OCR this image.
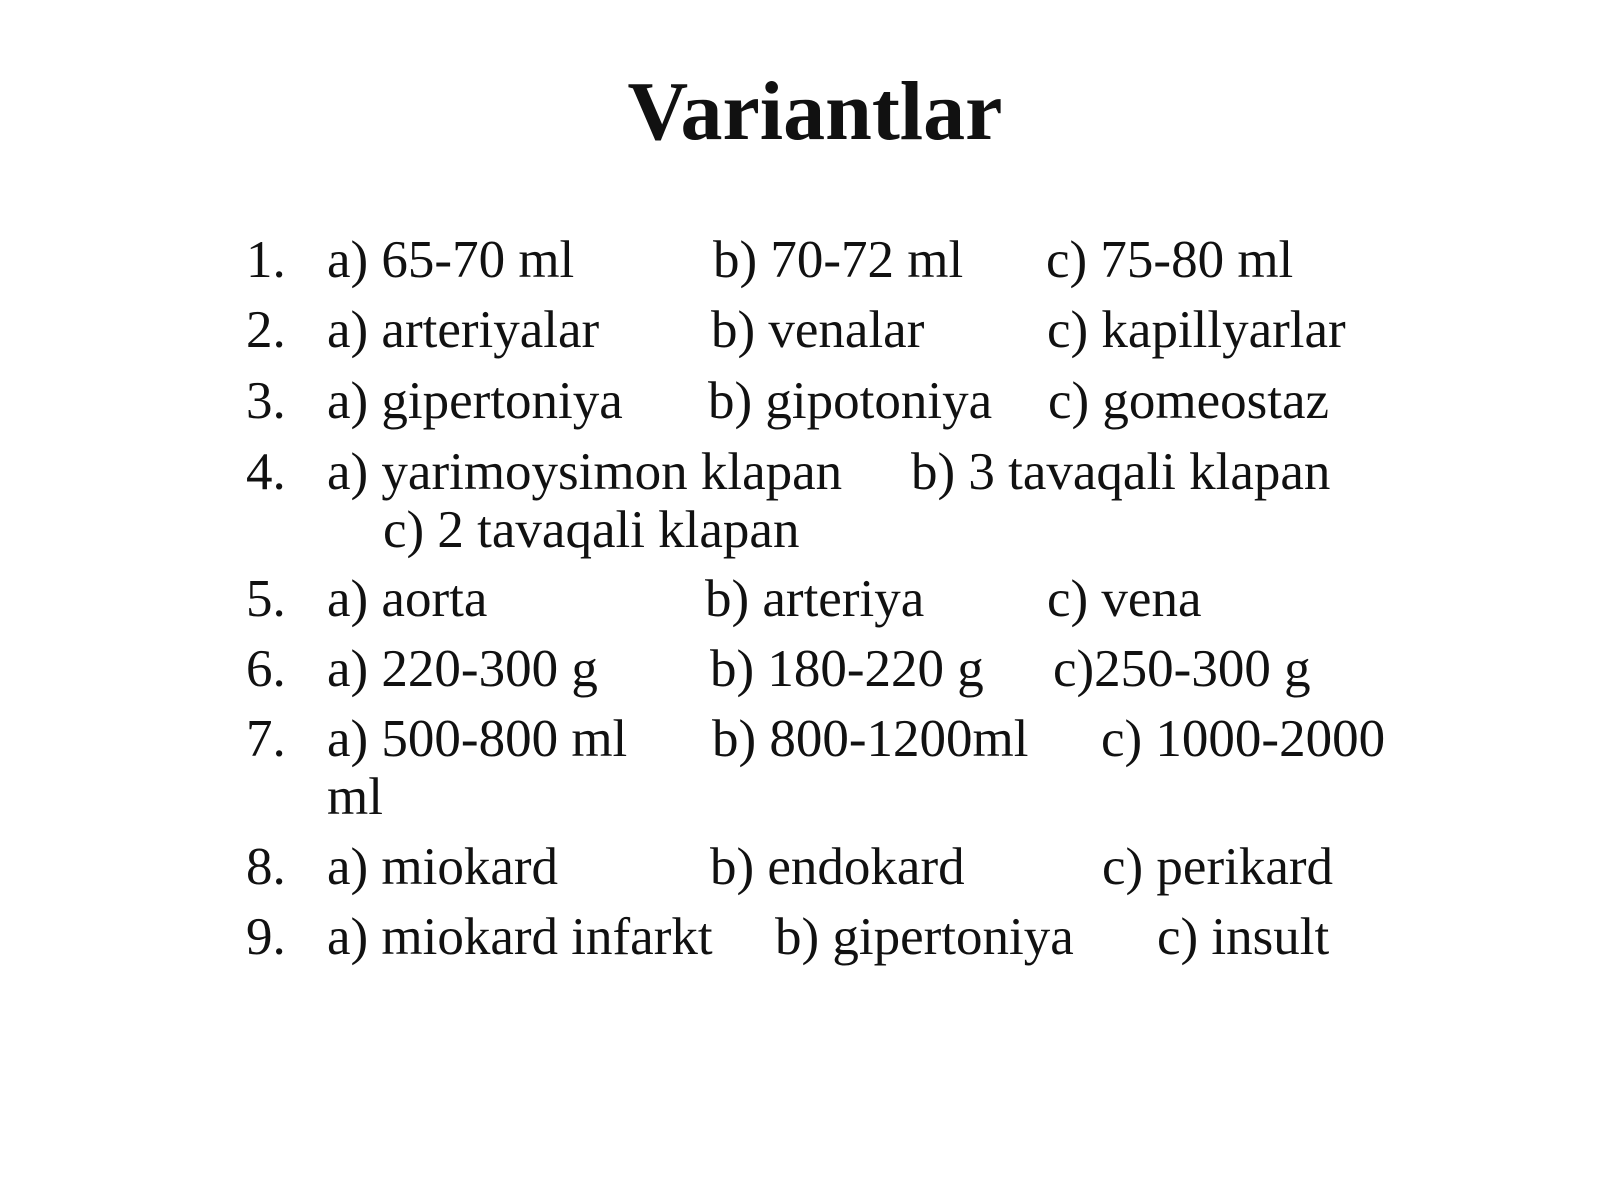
Variantlar
1. a) 65-70 ml	b) 70-72 ml c) 75-80 ml
2. a) arteriyalar b) venalar c) kapillyarlar
3. a) gipertoniya b) gipotoniya c) gomeostaz
4. a) yarimoysimon klapan b) 3 tavaqali klapan
c) 2 tavaqali klapan
5. a) aorta	b) arteriya c) vena
6. a) 220-300 g b) 180-220 g c)250-300 g
7. a) 500-800 ml b) 800-1200ml c) 1000-2000
ml
8. a) miokard	b) endokard	c) perikard
9. a) miokard infarkt b) gipertoniya c) insult
